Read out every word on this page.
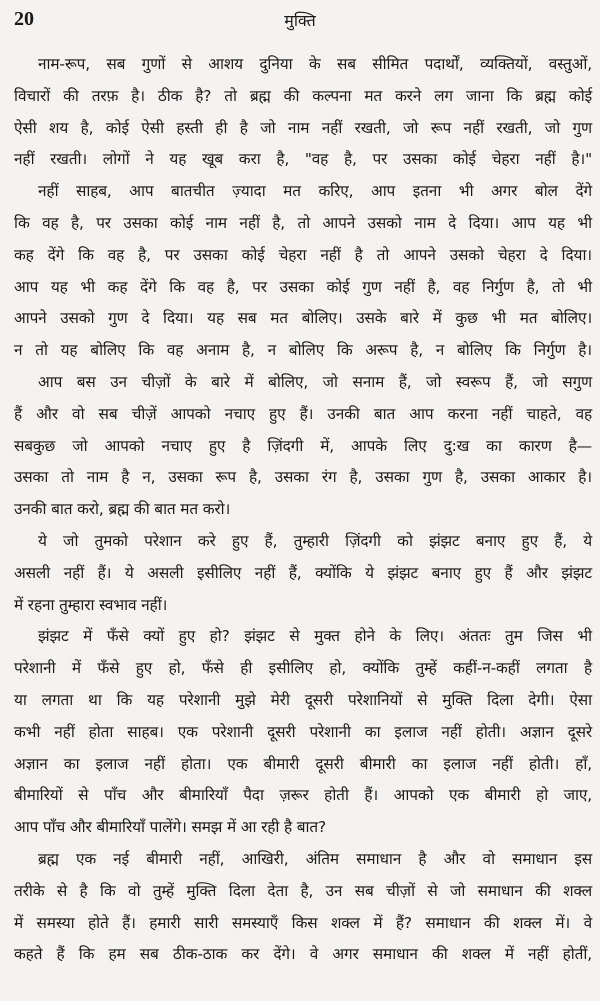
20	मुक्ति
नाम-रूप, सब गुणों से आशय दुनिया के सब सीमित पदार्थों, व्यक्तियों, वस्तुओं,
विचारों की तरफ़ है। ठीक है? तो ब्रह्म की कल्पना मत करने लग जाना कि ब्रह्म कोई
ऐसी शय है, कोई ऐसी हस्ती ही है जो नाम नहीं रखती, जो रूप नहीं रखती, जो गुण
नहीं रखती। लोगों ने यह खूब करा है, "वह है, पर उसका कोई चेहरा नहीं है।"
नहीं साहब, आप बातचीत ज़्यादा मत करिए, आप इतना भी अगर बोल देंगे
कि वह है, पर उसका कोई नाम नहीं है, तो आपने उसको नाम दे दिया। आप यह भी
कह देंगे कि वह है, पर उसका कोई चेहरा नहीं है तो आपने उसको चेहरा दे दिया।
आप यह भी कह देंगे कि वह है, पर उसका कोई गुण नहीं है, वह निर्गुण है, तो भी
आपने उसको गुण दे दिया। यह सब मत बोलिए। उसके बारे में कुछ भी मत बोलिए।
न तो यह बोलिए कि वह अनाम है, न बोलिए कि अरूप है, न बोलिए कि निर्गुण है।
आप बस उन चीज़ों के बारे में बोलिए, जो सनाम हैं, जो स्वरूप हैं, जो सगुण
हैं और वो सब चीज़ें आपको नचाए हुए हैं। उनकी बात आप करना नहीं चाहते, वह
सबकुछ जो आपको नचाए हुए है ज़िंदगी में, आपके लिए दु:ख का कारण है—
उसका तो नाम है न, उसका रूप है, उसका रंग है, उसका गुण है, उसका आकार है।
उनकी बात करो, ब्रह्म की बात मत करो।
ये जो तुमको परेशान करे हुए हैं, तुम्हारी ज़िंदगी को झंझट बनाए हुए हैं, ये
असली नहीं हैं। ये असली इसीलिए नहीं हैं, क्योंकि ये झंझट बनाए हुए हैं और झंझट
में रहना तुम्हारा स्वभाव नहीं।
झंझट में फँसे क्यों हुए हो? झंझट से मुक्त होने के लिए। अंततः तुम जिस भी
परेशानी में फँसे हुए हो, फँसे ही इसीलिए हो, क्योंकि तुम्हें कहीं-न-कहीं लगता है
या लगता था कि यह परेशानी मुझे मेरी दूसरी परेशानियों से मुक्ति दिला देगी। ऐसा
कभी नहीं होता साहब। एक परेशानी दूसरी परेशानी का इलाज नहीं होती। अज्ञान दूसरे
अज्ञान का इलाज नहीं होता। एक बीमारी दूसरी बीमारी का इलाज नहीं होती। हाँ,
बीमारियों से पाँच और बीमारियाँ पैदा ज़रूर होती हैं। आपको एक बीमारी हो जाए,
आप पाँच और बीमारियाँ पालेंगे। समझ में आ रही है बात?
ब्रह्म एक नई बीमारी नहीं, आखिरी, अंतिम समाधान है और वो समाधान इस
तरीके से है कि वो तुम्हें मुक्ति दिला देता है, उन सब चीज़ों से जो समाधान की शक्ल
में समस्या होते हैं। हमारी सारी समस्याएँ किस शक्ल में हैं? समाधान की शक्ल में। वे
कहते हैं कि हम सब ठीक-ठाक कर देंगे। वे अगर समाधान की शक्ल में नहीं होतीं,
